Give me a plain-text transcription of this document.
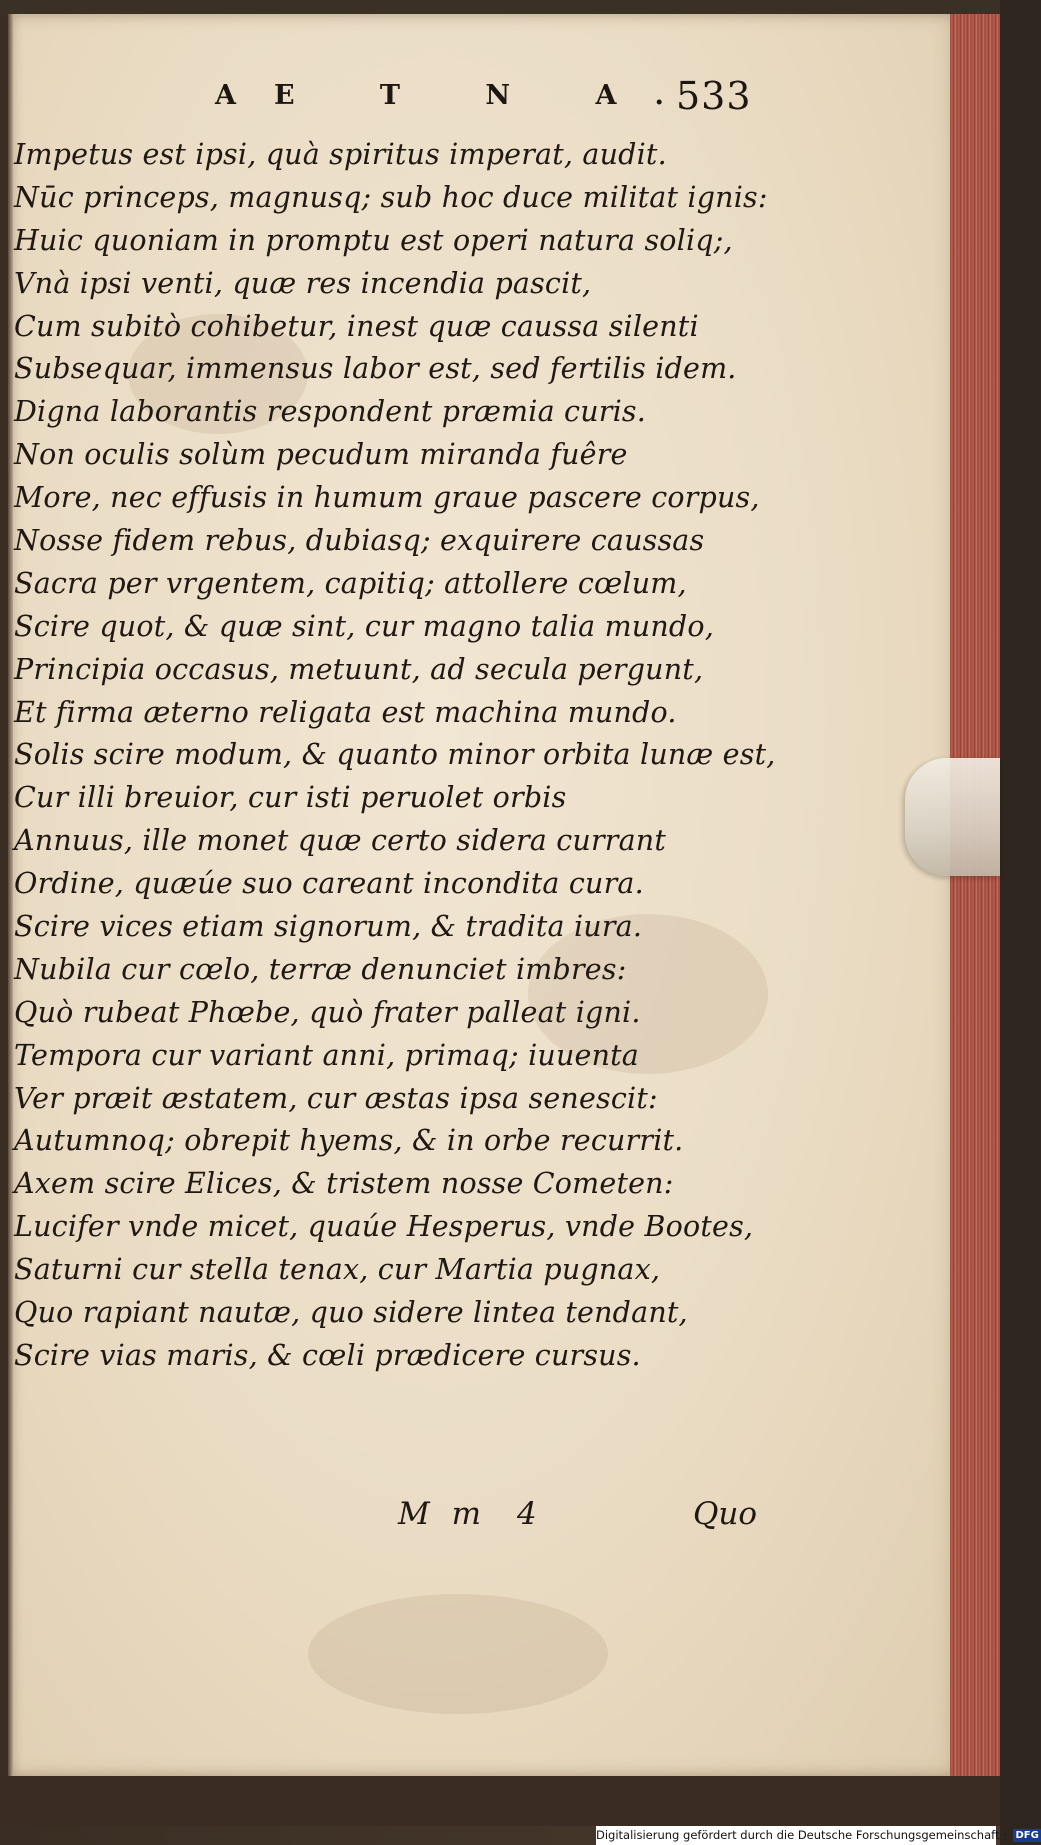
AE T N A.
533
Impetus est ipsi, quà spiritus imperat, audit.
Nūc princeps, magnusq; sub hoc duce militat ignis:
Huic quoniam in promptu est operi natura soliq;,
Vnà ipsi venti, quæ res incendia pascit,
Cum subitò cohibetur, inest quæ caussa silenti
Subsequar, immensus labor est, sed fertilis idem.
Digna laborantis respondent præmia curis.
Non oculis solùm pecudum miranda fuêre
More, nec effusis in humum graue pascere corpus,
Nosse fidem rebus, dubiasq; exquirere caussas
Sacra per vrgentem, capitiq; attollere cœlum,
Scire quot, & quæ sint, cur magno talia mundo,
Principia occasus, metuunt, ad secula pergunt,
Et firma æterno religata est machina mundo.
Solis scire modum, & quanto minor orbita lunæ est,
Cur illi breuior, cur isti peruolet orbis
Annuus, ille monet quæ certo sidera currant
Ordine, quæúe suo careant incondita cura.
Scire vices etiam signorum, & tradita iura.
Nubila cur cœlo, terræ denunciet imbres:
Quò rubeat Phœbe, quò frater palleat igni.
Tempora cur variant anni, primaq; iuuenta
Ver præit æstatem, cur æstas ipsa senescit:
Autumnoq; obrepit hyems, & in orbe recurrit.
Axem scire Elices, & tristem nosse Cometen:
Lucifer vnde micet, quaúe Hesperus, vnde Bootes,
Saturni cur stella tenax, cur Martia pugnax,
Quo rapiant nautæ, quo sidere lintea tendant,
Scire vias maris, & cœli prædicere cursus.
M m 4	Quo
Digitalisierung gefördert durch die Deutsche Forschungsgemeinschaft · DFG
